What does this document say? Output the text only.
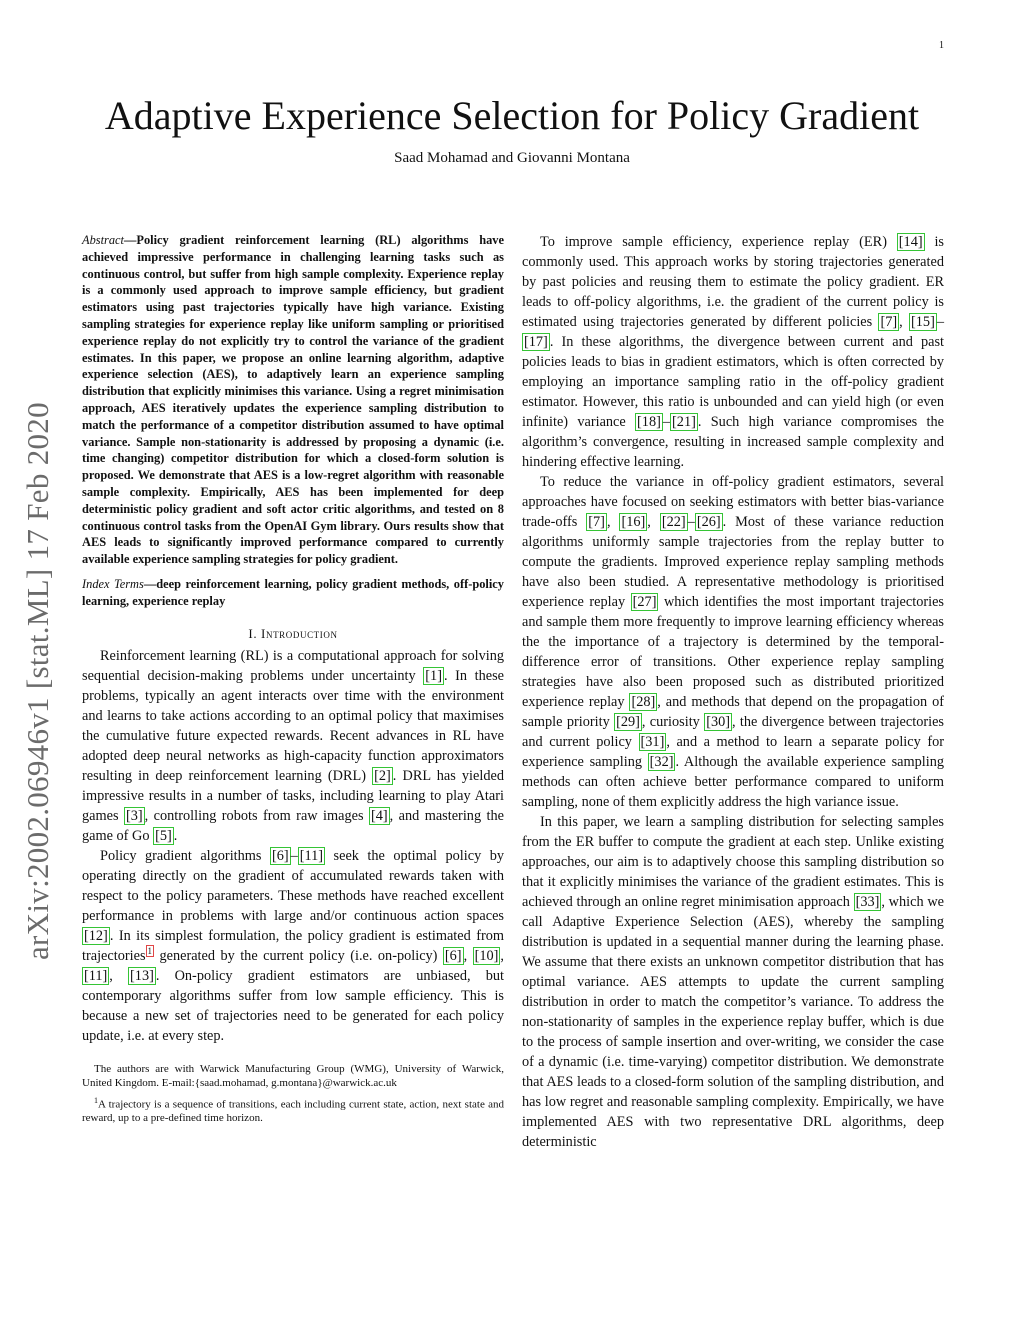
1
arXiv:2002.06946v1 [stat.ML] 17 Feb 2020
Adaptive Experience Selection for Policy Gradient
Saad Mohamad and Giovanni Montana

Abstract—Policy gradient reinforcement learning (RL) algorithms have achieved impressive performance in challenging learning tasks such as continuous control, but suffer from high sample complexity. Experience replay is a commonly used approach to improve sample efficiency, but gradient estimators using past trajectories typically have high variance. Existing sampling strategies for experience replay like uniform sampling or prioritised experience replay do not explicitly try to control the variance of the gradient estimates. In this paper, we propose an online learning algorithm, adaptive experience selection (AES), to adaptively learn an experience sampling distribution that explicitly minimises this variance. Using a regret minimisation approach, AES iteratively updates the experience sampling distribution to match the performance of a competitor distribution assumed to have optimal variance. Sample non-stationarity is addressed by proposing a dynamic (i.e. time changing) competitor distribution for which a closed-form solution is proposed. We demonstrate that AES is a low-regret algorithm with reasonable sample complexity. Empirically, AES has been implemented for deep deterministic policy gradient and soft actor critic algorithms, and tested on 8 continuous control tasks from the OpenAI Gym library. Ours results show that AES leads to significantly improved performance compared to currently available experience sampling strategies for policy gradient.

Index Terms—deep reinforcement learning, policy gradient methods, off-policy learning, experience replay

I. Introduction

Reinforcement learning (RL) is a computational approach for solving sequential decision-making problems under uncertainty [1] . In these problems, typically an agent interacts over time with the environment and learns to take actions according to an optimal policy that maximises the cumulative future expected rewards. Recent advances in RL have adopted deep neural networks as high-capacity function approximators resulting in deep reinforcement learning (DRL) [2] . DRL has yielded impressive results in a number of tasks, including learning to play Atari games [3] , controlling robots from raw images [4] , and mastering the game of Go [5] .

Policy gradient algorithms [6] – [11] seek the optimal policy by operating directly on the gradient of accumulated rewards taken with respect to the policy parameters. These methods have reached excellent performance in problems with large and/or continuous action spaces [12] . In its simplest formulation, the policy gradient is estimated from trajectories $^1$ generated by the current policy (i.e. on-policy) [6] , [10] , [11] , [13] . On-policy gradient estimators are unbiased, but contemporary algorithms suffer from low sample efficiency. This is because a new set of trajectories need to be generated for each policy update, i.e. at every step.

The authors are with Warwick Manufacturing Group (WMG), University of Warwick, United Kingdom. E-mail:{saad.mohamad, g.montana}@warwick.ac.uk

$^1$A trajectory is a sequence of transitions, each including current state, action, next state and reward, up to a pre-defined time horizon.

To improve sample efficiency, experience replay (ER) [14] is commonly used. This approach works by storing trajectories generated by past policies and reusing them to estimate the policy gradient. ER leads to off-policy algorithms, i.e. the gradient of the current policy is estimated using trajectories generated by different policies [7] , [15] –[17] . In these algorithms, the divergence between current and past policies leads to bias in gradient estimators, which is often corrected by employing an importance sampling ratio in the off-policy gradient estimator. However, this ratio is unbounded and can yield high (or even infinite) variance [18] – [21] . Such high variance compromises the algorithm’s convergence, resulting in increased sample complexity and hindering effective learning.

To reduce the variance in off-policy gradient estimators, several approaches have focused on seeking estimators with better bias-variance trade-offs [7] , [16] , [22] – [26] . Most of these variance reduction algorithms uniformly sample trajectories from the replay butter to compute the gradients. Improved experience replay sampling methods have also been studied. A representative methodology is prioritised experience replay [27] which identifies the most important trajectories and sample them more frequently to improve learning efficiency whereas the the importance of a trajectory is determined by the temporal-difference error of transitions. Other experience replay sampling strategies have also been proposed such as distributed prioritized experience replay [28] , and methods that depend on the propagation of sample priority [29] , curiosity [30] , the divergence between trajectories and current policy [31] , and a method to learn a separate policy for experience sampling [32] . Although the available experience sampling methods can often achieve better performance compared to uniform sampling, none of them explicitly address the high variance issue.

In this paper, we learn a sampling distribution for selecting samples from the ER buffer to compute the gradient at each step. Unlike existing approaches, our aim is to adaptively choose this sampling distribution so that it explicitly minimises the variance of the gradient estimates. This is achieved through an online regret minimisation approach [33] , which we call Adaptive Experience Selection (AES), whereby the sampling distribution is updated in a sequential manner during the learning phase. We assume that there exists an unknown competitor distribution that has optimal variance. AES attempts to update the current sampling distribution in order to match the competitor’s variance. To address the non-stationarity of samples in the experience replay buffer, which is due to the process of sample insertion and over-writing, we consider the case of a dynamic (i.e. time-varying) competitor distribution. We demonstrate that AES leads to a closed-form solution of the sampling distribution, and has low regret and reasonable sampling complexity. Empirically, we have implemented AES with two representative DRL algorithms, deep deterministic
